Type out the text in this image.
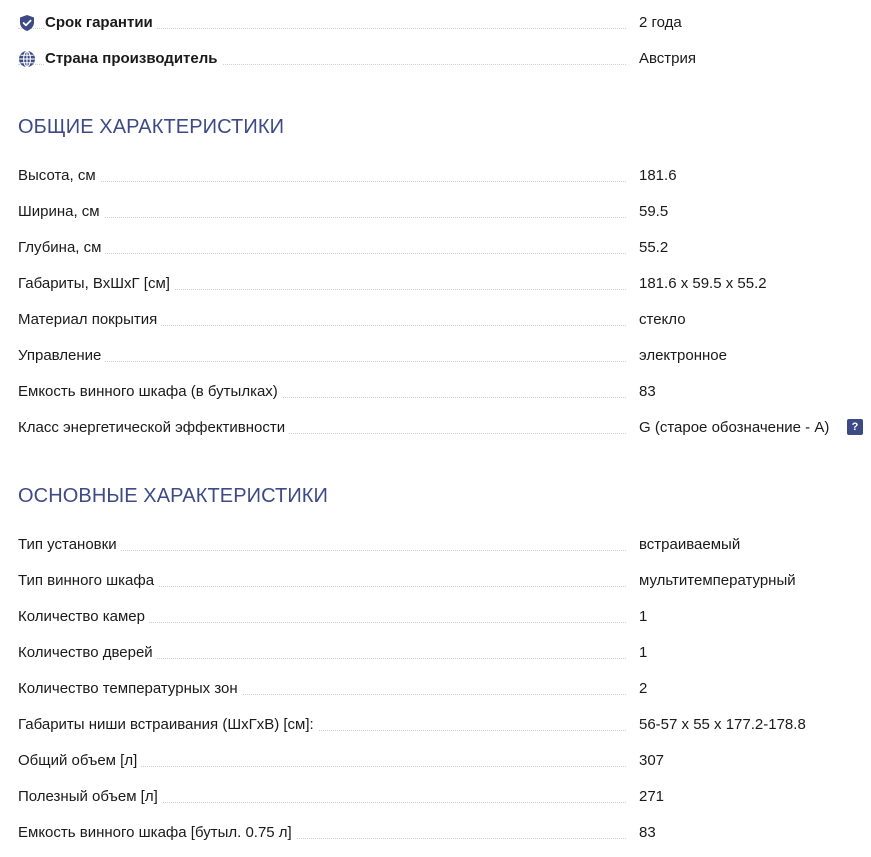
Срок гарантии	2 года
Страна производитель	Австрия
ОБЩИЕ ХАРАКТЕРИСТИКИ
Высота, см	181.6
Ширина, см	59.5
Глубина, см	55.2
Габариты, ВхШхГ [см]	181.6 x 59.5 x 55.2
Материал покрытия	стекло
Управление	электронное
Емкость винного шкафа (в бутылках)	83
Класс энергетической эффективности	G (старое обозначение - A)	?
ОСНОВНЫЕ ХАРАКТЕРИСТИКИ
Тип установки	встраиваемый
Тип винного шкафа	мультитемпературный
Количество камер	1
Количество дверей	1
Количество температурных зон	2
Габариты ниши встраивания (ШхГхВ) [см]:	56-57 x 55 x 177.2-178.8
Общий объем [л]	307
Полезный объем [л]	271
Емкость винного шкафа [бутыл. 0.75 л]	83
